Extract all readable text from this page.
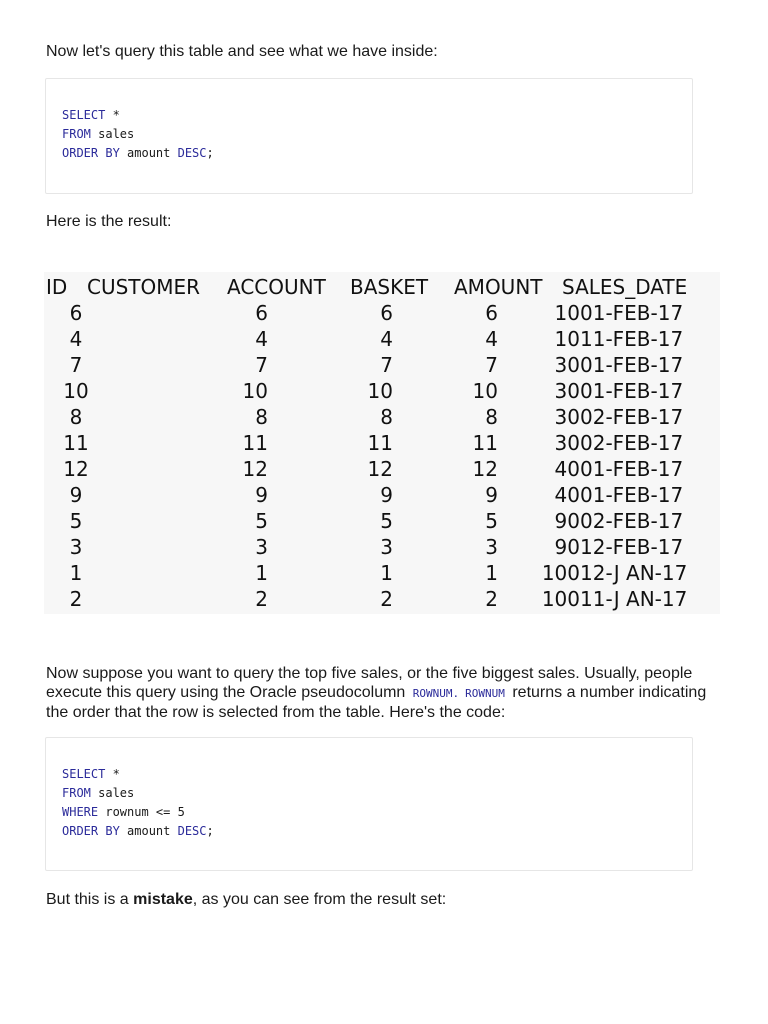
Now let's query this table and see what we have inside:

SELECT *
FROM sales
ORDER BY amount DESC;

Here is the result:

ID CUSTOMER ACCOUNT BASKET AMOUNT SALES_DATE
6	6	6	6	10 01-FEB-17
4	4	4	4	10 11-FEB-17
7	7	7	7	30 01-FEB-17
10	10	10	10	30 01-FEB-17
8	8	8	8	30 02-FEB-17
11	11	11	11	30 02-FEB-17
12	12	12	12	40 01-FEB-17
9	9	9	9	40 01-FEB-17
5	5	5	5	90 02-FEB-17
3	3	3	3	90 12-FEB-17
1	1	1	1 100 12-J AN-17
2	2	2	2 100 11-J AN-17

Now suppose you want to query the top five sales, or the five biggest sales. Usually, people execute this query using the Oracle pseudocolumn ROWNUM. ROWNUM returns a number indicating the order that the row is selected from the table. Here's the code:

SELECT *
FROM sales
WHERE rownum <= 5
ORDER BY amount DESC;

But this is a mistake, as you can see from the result set:
